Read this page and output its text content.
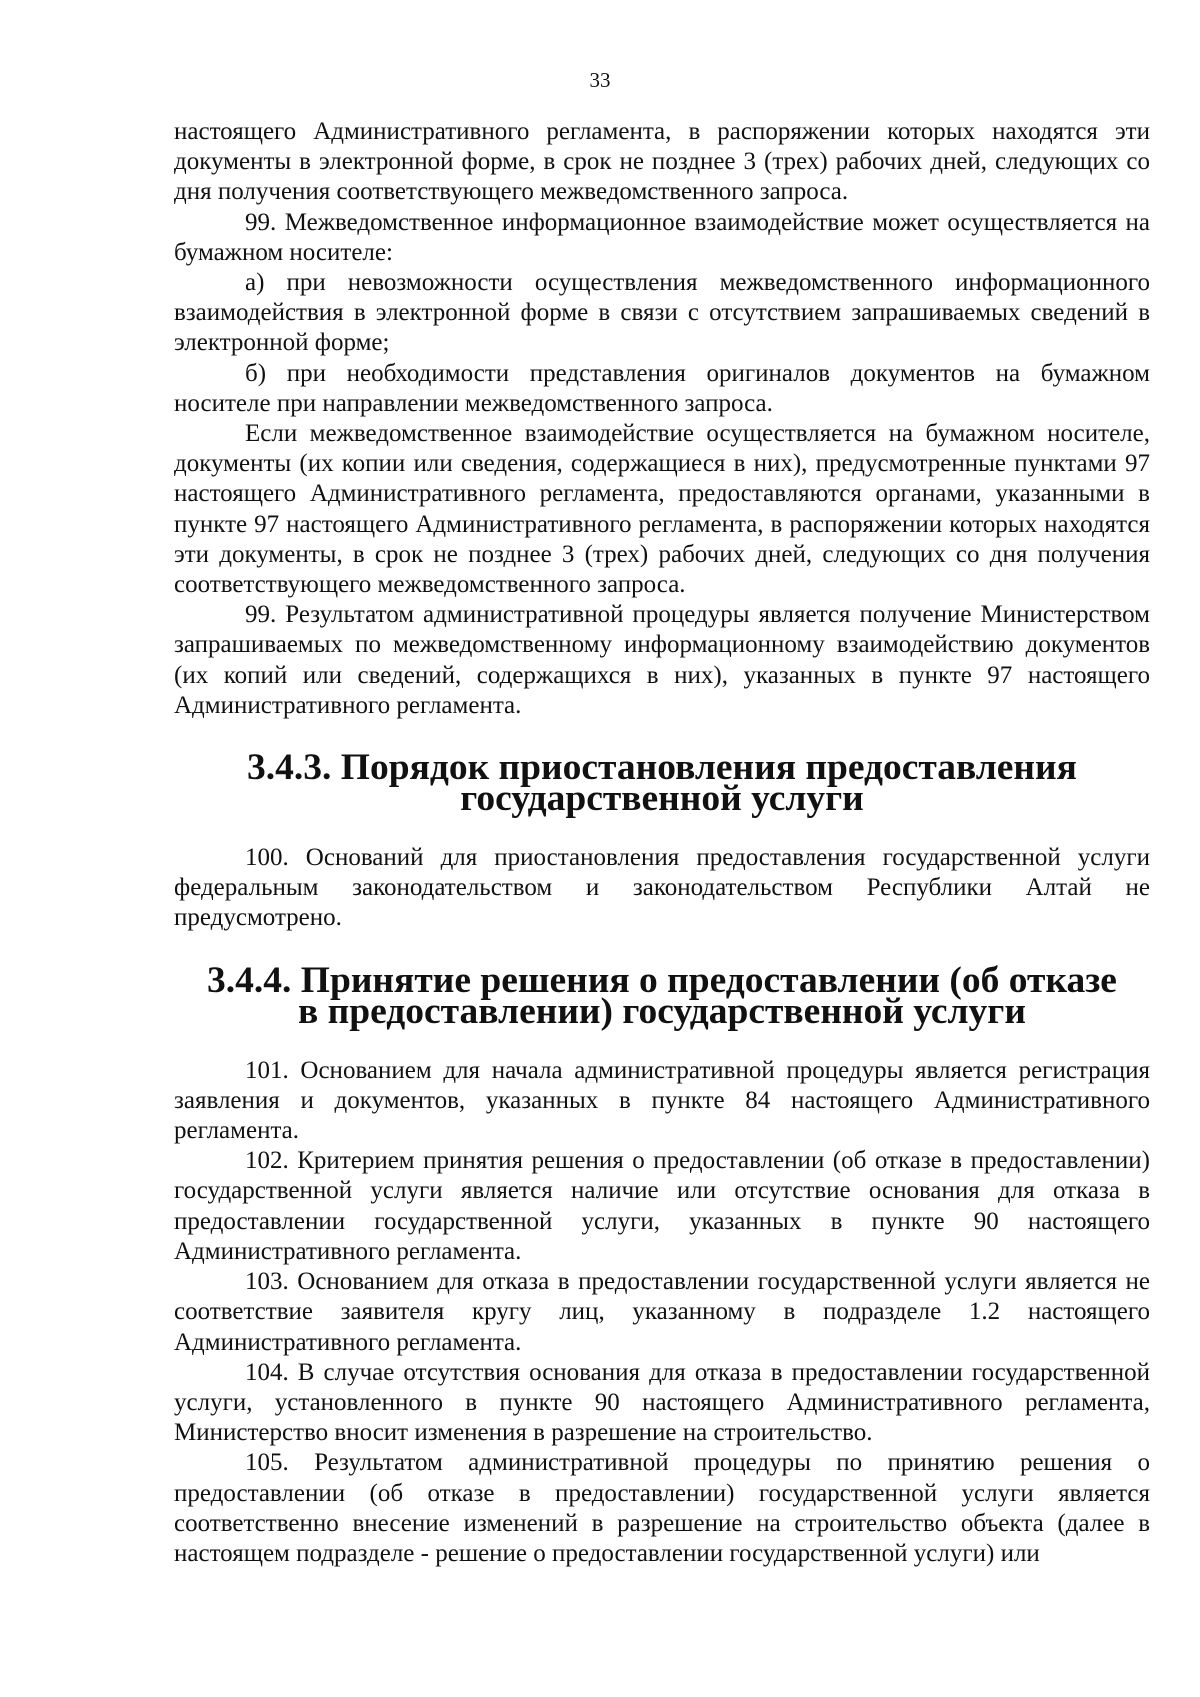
33

настоящего Административного регламента, в распоряжении которых находятся эти документы в электронной форме, в срок не позднее 3 (трех) рабочих дней, следующих со дня получения соответствующего межведомственного запроса.

99. Межведомственное информационное взаимодействие может осуществляется на бумажном носителе:

а) при невозможности осуществления межведомственного информационного взаимодействия в электронной форме в связи с отсутствием запрашиваемых сведений в электронной форме;

б) при необходимости представления оригиналов документов на бумажном носителе при направлении межведомственного запроса.

Если межведомственное взаимодействие осуществляется на бумажном носителе, документы (их копии или сведения, содержащиеся в них), предусмотренные пунктами 97 настоящего Административного регламента, предоставляются органами, указанными в пункте 97 настоящего Административного регламента, в распоряжении которых находятся эти документы, в срок не позднее 3 (трех) рабочих дней, следующих со дня получения соответствующего межведомственного запроса.

99. Результатом административной процедуры является получение Министерством запрашиваемых по межведомственному информационному взаимодействию документов (их копий или сведений, содержащихся в них), указанных в пункте 97 настоящего Административного регламента.

3.4.3. Порядок приостановления предоставления
государственной услуги

100. Оснований для приостановления предоставления государственной услуги федеральным законодательством и законодательством Республики Алтай не предусмотрено.

3.4.4. Принятие решения о предоставлении (об отказе
в предоставлении) государственной услуги

101. Основанием для начала административной процедуры является регистрация заявления и документов, указанных в пункте 84 настоящего Административного регламента.

102. Критерием принятия решения о предоставлении (об отказе в предоставлении) государственной услуги является наличие или отсутствие основания для отказа в предоставлении государственной услуги, указанных в пункте 90 настоящего Административного регламента.

103. Основанием для отказа в предоставлении государственной услуги является не соответствие заявителя кругу лиц, указанному в подразделе 1.2 настоящего Административного регламента.

104. В случае отсутствия основания для отказа в предоставлении государственной услуги, установленного в пункте 90 настоящего Административного регламента, Министерство вносит изменения в разрешение на строительство.

105. Результатом административной процедуры по принятию решения о предоставлении (об отказе в предоставлении) государственной услуги является соответственно внесение изменений в разрешение на строительство объекта (далее в настоящем подразделе - решение о предоставлении государственной услуги) или
